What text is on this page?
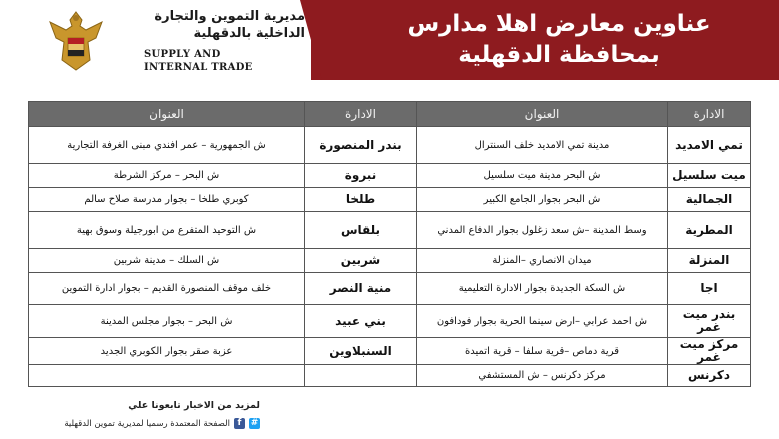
عناوين معارض اهلا مدارس
بمحافظة الدقهلية
مديرية التموين والتجارة
الداخلية بالدقهلية
SUPPLY AND
INTERNAL TRADE
الادارة	العنوان	الادارة	العنوان
تمي الامديد	مدينة تمي الامديد خلف السنترال	بندر المنصورة	ش الجمهورية – عمر افندي مبنى الغرفة التجارية
ميت سلسيل	ش البحر مدينة ميت سلسيل	نبروة	ش البحر – مركز الشرطة
الجمالية	ش البحر بجوار الجامع الكبير	طلخا	كوبري طلخا – بجوار مدرسة صلاح سالم
المطرية	وسط المدينة –ش سعد زغلول بجوار الدفاع المدني	بلقاس	ش التوحيد المتفرع من ابورجيلة وسوق بهية
المنزلة	ميدان الانصاري –المنزلة	شربين	ش السلك – مدينة شربين
اجا	ش السكة الجديدة بجوار الادارة التعليمية	منية النصر	خلف موقف المنصورة القديم – بجوار ادارة التموين
بندر ميت غمر	ش احمد عرابي –ارض سينما الحرية بجوار فودافون	بني عبيد	ش البحر – بجوار مجلس المدينة
مركز ميت غمر	قرية دماص –قرية سلفا – قرية اتميدة	السنبلاوين	عزبة صقر بجوار الكوبري الجديد
دكرنس	مركز دكرنس – ش المستشفي		
لمزيد من الاخبار تابعونا علي
#
f
الصفحة المعتمدة رسميا لمديرية تموين الدقهلية
